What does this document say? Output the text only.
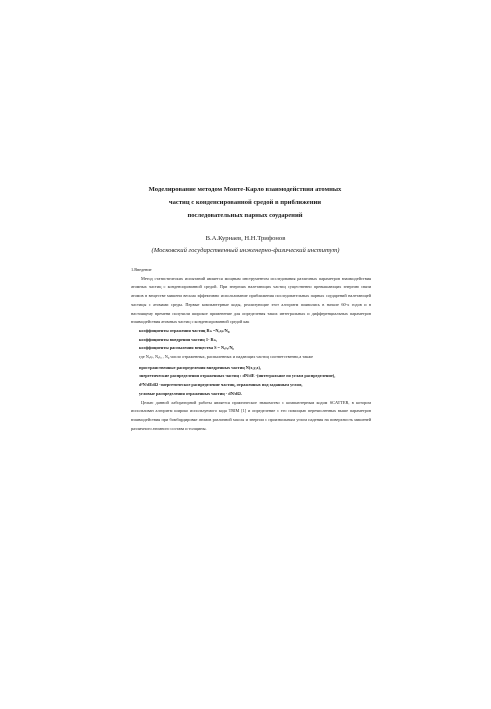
Моделирование методом Монте-Карло взаимодействия атомных
частиц с конденсированной средой в приближении
последовательных парных соударений
В.А.Курнаев, Н.Н.Трифонов
(Московский государственный инженерно-физический институт)

1.Введение

Метод статистических испытаний является мощным инструментом исследования различных параметров взаимодействия атомных частиц с конденсированной средой. При энергиях налетающих частиц существенно превышающих энергию связи атомов в веществе мишени весьма эффективно использование приближения последовательных парных соударений налетающей частицы с атомами среды. Первые компьютерные коды, реализующие этот алгоритм появились в начале 60-х годов и в настоящему времени получили широкое применение для определения таких интегральных и дифференциальных параметров взаимодействия атомных частиц с конденсированной средой как

коэффициенты отражения частиц Rₙ =Nₒₜₚ/N₀,

коэффициенты внедрения частиц 1- Rₙ,

коэффициенты распыления вещества S = Nₐₜₐ/N₀

где Nₒₜₚ, Nₐₜₐ , N₀ число отраженных, распыленных и падающих частиц соответственно,а также

пространственные распределения внедренных частиц N(x,y,z),

энергетические распределения отраженных частиц : dN/dE -(интегральное по углам распределение),

d²N/dEdΩ -энергетическое распределение частиц, отраженных под заданным углом,

угловые распределения отраженных частиц - dN/dΩ.

Целью данной лабораторной работы является практическое знакомство с компьютерным кодом SCATTER, в котором использован алгоритм широко используемого кода TRIM [1] и определение с его помощью перечисленных выше параметров взаимодействия при бомбардировке атомов различной массы и энергии с произвольным углом падения на поверхность мишеней различного атомного состава и толщины.
